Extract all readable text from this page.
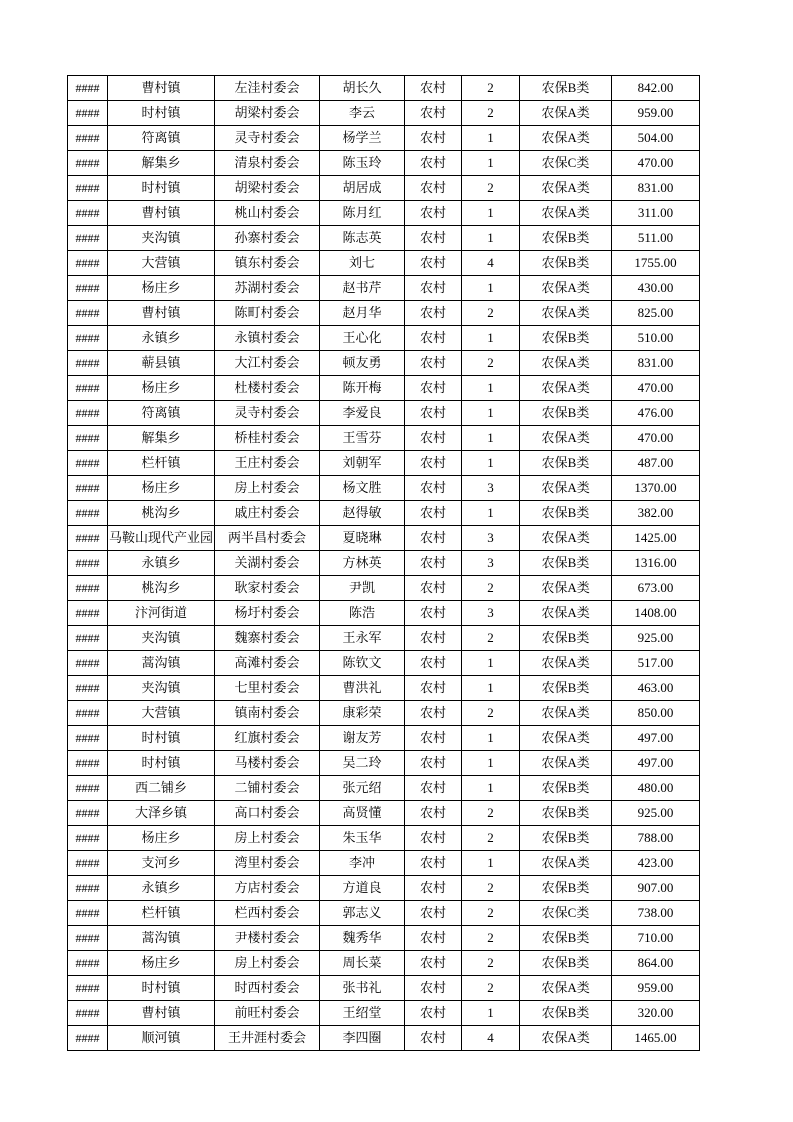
####	曹村镇	左洼村委会	胡长久	农村	2	农保B类	842.00
####	时村镇	胡梁村委会	李云	农村	2	农保A类	959.00
####	符离镇	灵寺村委会	杨学兰	农村	1	农保A类	504.00
####	解集乡	清泉村委会	陈玉玲	农村	1	农保C类	470.00
####	时村镇	胡梁村委会	胡居成	农村	2	农保A类	831.00
####	曹村镇	桃山村委会	陈月红	农村	1	农保A类	311.00
####	夹沟镇	孙寨村委会	陈志英	农村	1	农保B类	511.00
####	大营镇	镇东村委会	刘七	农村	4	农保B类	1755.00
####	杨庄乡	苏湖村委会	赵书芹	农村	1	农保A类	430.00
####	曹村镇	陈町村委会	赵月华	农村	2	农保A类	825.00
####	永镇乡	永镇村委会	王心化	农村	1	农保B类	510.00
####	蕲县镇	大江村委会	顿友勇	农村	2	农保A类	831.00
####	杨庄乡	杜楼村委会	陈开梅	农村	1	农保A类	470.00
####	符离镇	灵寺村委会	李爱良	农村	1	农保B类	476.00
####	解集乡	桥桂村委会	王雪芬	农村	1	农保A类	470.00
####	栏杆镇	王庄村委会	刘朝军	农村	1	农保B类	487.00
####	杨庄乡	房上村委会	杨文胜	农村	3	农保A类	1370.00
####	桃沟乡	戚庄村委会	赵得敏	农村	1	农保B类	382.00
####	马鞍山现代产业园	两半昌村委会	夏晓琳	农村	3	农保A类	1425.00
####	永镇乡	关湖村委会	方林英	农村	3	农保B类	1316.00
####	桃沟乡	耿家村委会	尹凯	农村	2	农保A类	673.00
####	汴河街道	杨圩村委会	陈浩	农村	3	农保A类	1408.00
####	夹沟镇	魏寨村委会	王永军	农村	2	农保B类	925.00
####	蒿沟镇	高滩村委会	陈钦文	农村	1	农保A类	517.00
####	夹沟镇	七里村委会	曹洪礼	农村	1	农保B类	463.00
####	大营镇	镇南村委会	康彩荣	农村	2	农保A类	850.00
####	时村镇	红旗村委会	谢友芳	农村	1	农保A类	497.00
####	时村镇	马楼村委会	吴二玲	农村	1	农保A类	497.00
####	西二铺乡	二铺村委会	张元绍	农村	1	农保B类	480.00
####	大泽乡镇	高口村委会	高贤懂	农村	2	农保B类	925.00
####	杨庄乡	房上村委会	朱玉华	农村	2	农保B类	788.00
####	支河乡	湾里村委会	李冲	农村	1	农保A类	423.00
####	永镇乡	方店村委会	方道良	农村	2	农保B类	907.00
####	栏杆镇	栏西村委会	郭志义	农村	2	农保C类	738.00
####	蒿沟镇	尹楼村委会	魏秀华	农村	2	农保B类	710.00
####	杨庄乡	房上村委会	周长菜	农村	2	农保B类	864.00
####	时村镇	时西村委会	张书礼	农村	2	农保A类	959.00
####	曹村镇	前旺村委会	王绍堂	农村	1	农保B类	320.00
####	顺河镇	王井涯村委会	李四圈	农村	4	农保A类	1465.00
